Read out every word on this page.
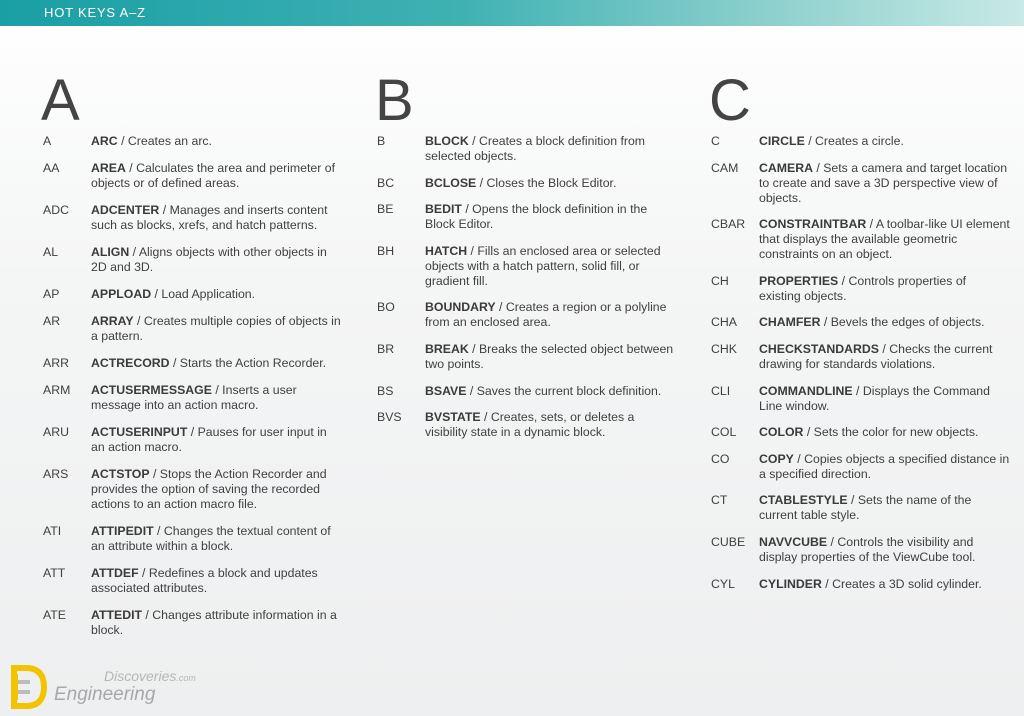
HOT KEYS A–Z
A
A	ARC / Creates an arc.
AA	AREA / Calculates the area and perimeter of objects or of defined areas.
ADC	ADCENTER / Manages and inserts content such as blocks, xrefs, and hatch patterns.
AL	ALIGN / Aligns objects with other objects in 2D and 3D.
AP	APPLOAD / Load Application.
AR	ARRAY / Creates multiple copies of objects in a pattern.
ARR	ACTRECORD / Starts the Action Recorder.
ARM	ACTUSERMESSAGE / Inserts a user message into an action macro.
ARU	ACTUSERINPUT / Pauses for user input in an action macro.
ARS	ACTSTOP / Stops the Action Recorder and provides the option of saving the recorded actions to an action macro file.
ATI	ATTIPEDIT / Changes the textual content of an attribute within a block.
ATT	ATTDEF / Redefines a block and updates associated attributes.
ATE	ATTEDIT / Changes attribute information in a block.
B
B	BLOCK / Creates a block definition from selected objects.
BC	BCLOSE / Closes the Block Editor.
BE	BEDIT / Opens the block definition in the Block Editor.
BH	HATCH / Fills an enclosed area or selected objects with a hatch pattern, solid fill, or gradient fill.
BO	BOUNDARY / Creates a region or a polyline from an enclosed area.
BR	BREAK / Breaks the selected object between two points.
BS	BSAVE / Saves the current block definition.
BVS	BVSTATE / Creates, sets, or deletes a visibility state in a dynamic block.
C
C	CIRCLE / Creates a circle.
CAM	CAMERA / Sets a camera and target location to create and save a 3D perspective view of objects.
CBAR	CONSTRAINTBAR / A toolbar-like UI element that displays the available geometric constraints on an object.
CH	PROPERTIES / Controls properties of existing objects.
CHA	CHAMFER / Bevels the edges of objects.
CHK	CHECKSTANDARDS / Checks the current drawing for standards violations.
CLI	COMMANDLINE / Displays the Command Line window.
COL	COLOR / Sets the color for new objects.
CO	COPY / Copies objects a specified distance in a specified direction.
CT	CTABLESTYLE / Sets the name of the current table style.
CUBE	NAVVCUBE / Controls the visibility and display properties of the ViewCube tool.
CYL	CYLINDER / Creates a 3D solid cylinder.
Discoveries.com
Engineering
